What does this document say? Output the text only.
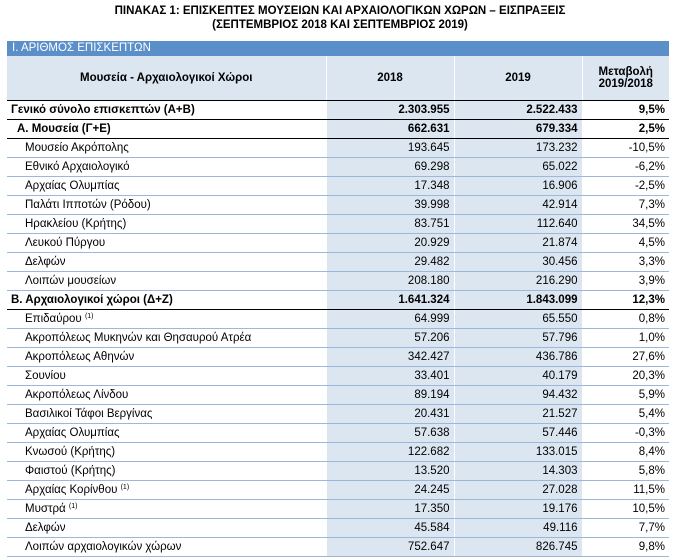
ΠΙΝΑΚΑΣ 1: ΕΠΙΣΚΕΠΤΕΣ ΜΟΥΣΕΙΩΝ ΚΑΙ ΑΡΧΑΙΟΛΟΓΙΚΩΝ ΧΩΡΩΝ – ΕΙΣΠΡΑΞΕΙΣ
(ΣΕΠΤΕΜΒΡΙΟΣ 2018 ΚΑΙ ΣΕΠΤΕΜΒΡΙΟΣ 2019)
Ι. ΑΡΙΘΜΟΣ ΕΠΙΣΚΕΠΤΩΝ
Μουσεία - Αρχαιολογικοί Χώροι	2018	2019	Μεταβολή
2019/2018

Γενικό σύνολο επισκεπτών (Α+Β)	2.303.955	2.522.433	9,5%
Α. Μουσεία (Γ+Ε)	662.631	679.334	2,5%
Μουσείο Ακρόπολης	193.645	173.232	-10,5%
Εθνικό Αρχαιολογικό	69.298	65.022	-6,2%
Αρχαίας Ολυμπίας	17.348	16.906	-2,5%
Παλάτι Ιπποτών (Ρόδου)	39.998	42.914	7,3%
Ηρακλείου (Κρήτης)	83.751	112.640	34,5%
Λευκού Πύργου	20.929	21.874	4,5%
Δελφών	29.482	30.456	3,3%
Λοιπών μουσείων	208.180	216.290	3,9%
Β. Αρχαιολογικοί χώροι (Δ+Ζ)	1.641.324	1.843.099	12,3%
Επιδαύρου $^{(1)}$	64.999	65.550	0,8%
Ακροπόλεως Μυκηνών και Θησαυρού Ατρέα	57.206	57.796	1,0%
Ακροπόλεως Αθηνών	342.427	436.786	27,6%
Σουνίου	33.401	40.179	20,3%
Ακροπόλεως Λίνδου	89.194	94.432	5,9%
Βασιλικοί Τάφοι Βεργίνας	20.431	21.527	5,4%
Αρχαίας Ολυμπίας	57.638	57.446	-0,3%
Κνωσού (Κρήτης)	122.682	133.015	8,4%
Φαιστού (Κρήτης)	13.520	14.303	5,8%
Αρχαίας Κορίνθου $^{(1)}$	24.245	27.028	11,5%
Μυστρά $^{(1)}$	17.350	19.176	10,5%
Δελφών	45.584	49.116	7,7%
Λοιπών αρχαιολογικών χώρων	752.647	826.745	9,8%
